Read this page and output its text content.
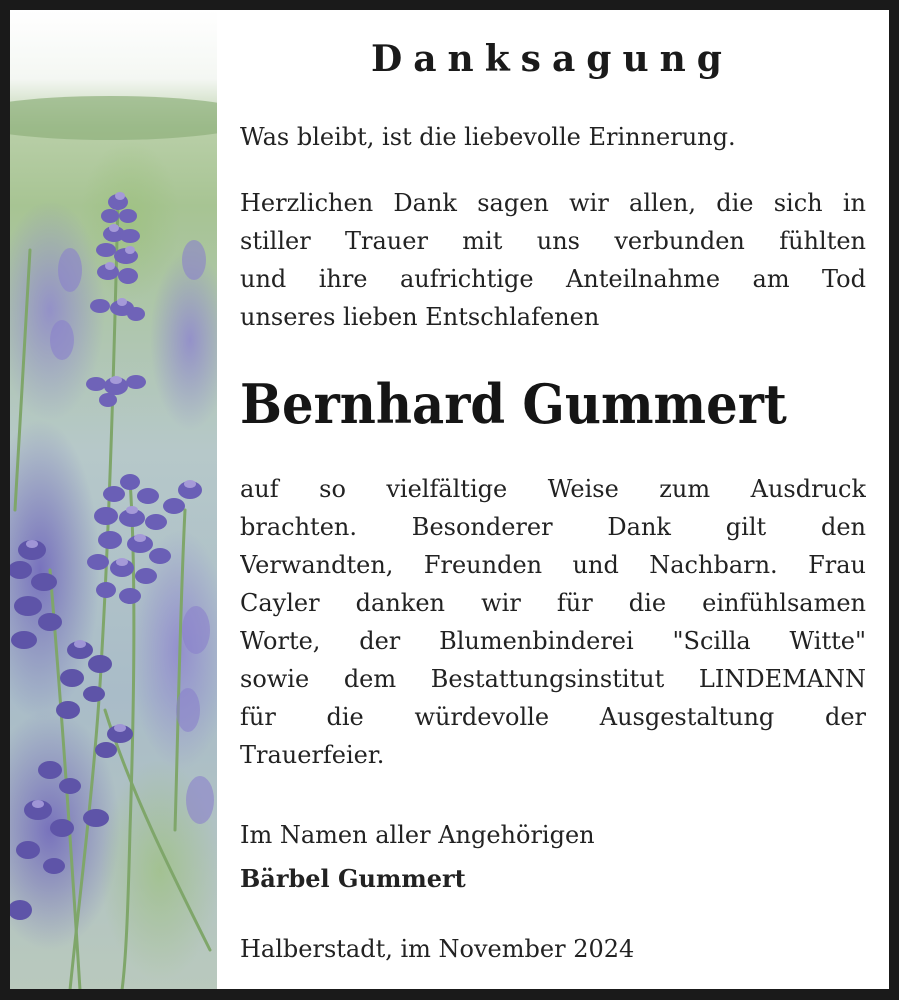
Danksagung
Was bleibt, ist die liebevolle Erinnerung.
Herzlichen Dank sagen wir allen, die sich in
stiller Trauer mit uns verbunden fühlten
und ihre aufrichtige Anteilnahme am Tod
unseres lieben Entschlafenen
Bernhard Gummert
auf so vielfältige Weise zum Ausdruck
brachten. Besonderer Dank gilt den
Verwandten, Freunden und Nachbarn. Frau
Cayler danken wir für die einfühlsamen
Worte, der Blumenbinderei "Scilla Witte"
sowie dem Bestattungsinstitut LINDEMANN
für die würdevolle Ausgestaltung der
Trauerfeier.
Im Namen aller Angehörigen
Bärbel Gummert
Halberstadt, im November 2024
